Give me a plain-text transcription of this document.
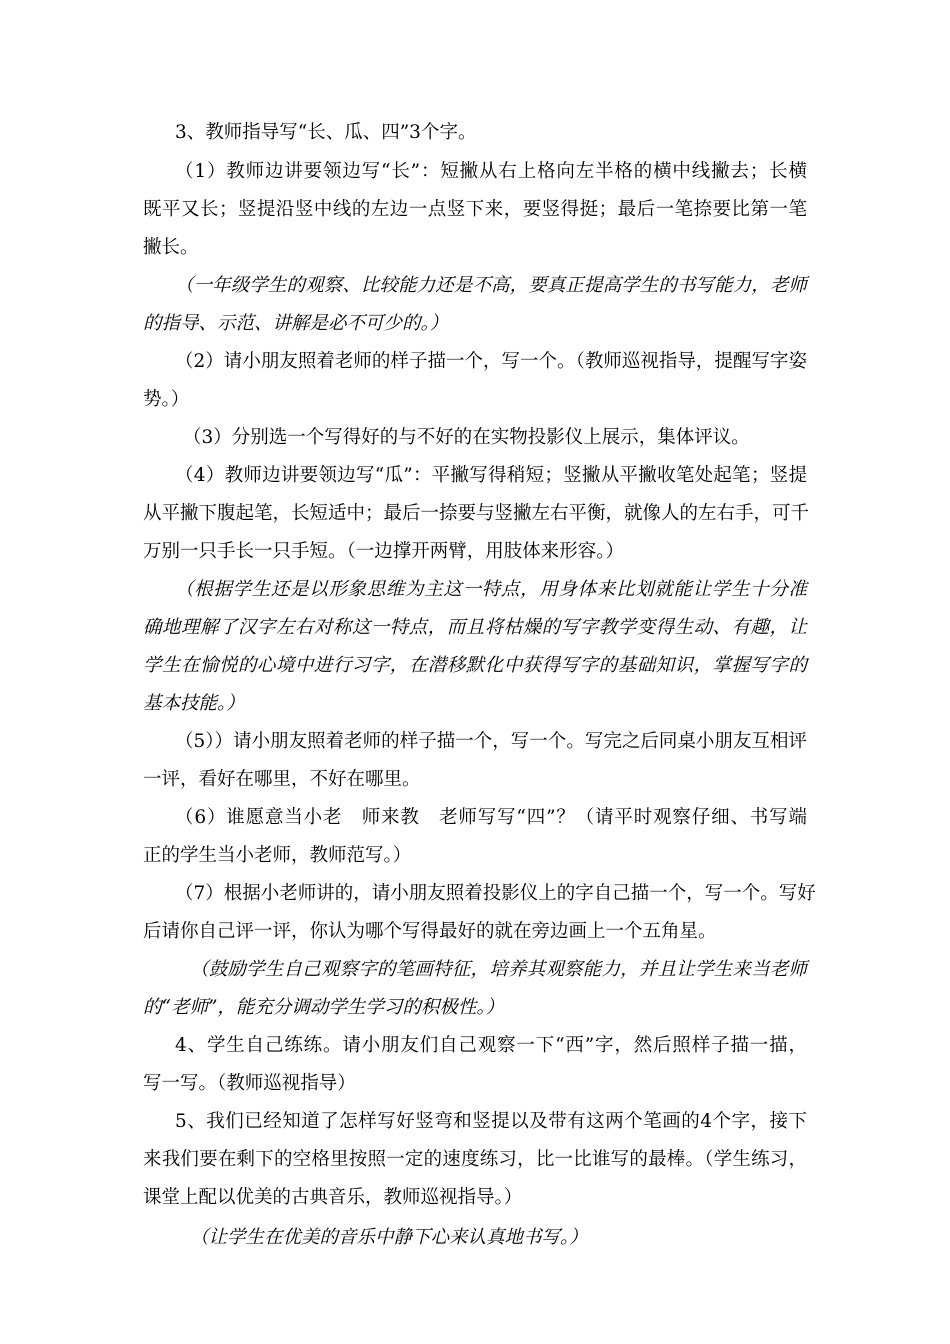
3、教师指导写“长、瓜、四”3个字。
（1）教师边讲要领边写“长”：短撇从右上格向左半格的横中线撇去；长横
既平又长；竖提沿竖中线的左边一点竖下来，要竖得挺；最后一笔捺要比第一笔
撇长。
（一年级学生的观察、比较能力还是不高，要真正提高学生的书写能力，老师
的指导、示范、讲解是必不可少的。）
（2）请小朋友照着老师的样子描一个，写一个。（教师巡视指导，提醒写字姿
势。）
（3）分别选一个写得好的与不好的在实物投影仪上展示，集体评议。
（4）教师边讲要领边写“瓜”：平撇写得稍短；竖撇从平撇收笔处起笔；竖提
从平撇下腹起笔，长短适中；最后一捺要与竖撇左右平衡，就像人的左右手，可千
万别一只手长一只手短。（一边撑开两臂，用肢体来形容。）
（根据学生还是以形象思维为主这一特点，用身体来比划就能让学生十分准
确地理解了汉字左右对称这一特点，而且将枯燥的写字教学变得生动、有趣，让
学生在愉悦的心境中进行习字，在潜移默化中获得写字的基础知识，掌握写字的
基本技能。）
（5））请小朋友照着老师的样子描一个，写一个。写完之后同桌小朋友互相评
一评，看好在哪里，不好在哪里。
（6）谁愿意当小老　师来教　老师写写“四”？（请平时观察仔细、书写端
正的学生当小老师，教师范写。）
（7）根据小老师讲的，请小朋友照着投影仪上的字自己描一个，写一个。写好
后请你自己评一评，你认为哪个写得最好的就在旁边画上一个五角星。
（鼓励学生自己观察字的笔画特征，培养其观察能力，并且让学生来当老师
的“老师”，能充分调动学生学习的积极性。）
4、学生自己练练。请小朋友们自己观察一下“西”字，然后照样子描一描，
写一写。（教师巡视指导）
5、我们已经知道了怎样写好竖弯和竖提以及带有这两个笔画的4个字，接下
来我们要在剩下的空格里按照一定的速度练习，比一比谁写的最棒。（学生练习，
课堂上配以优美的古典音乐，教师巡视指导。）
（让学生在优美的音乐中静下心来认真地书写。）
